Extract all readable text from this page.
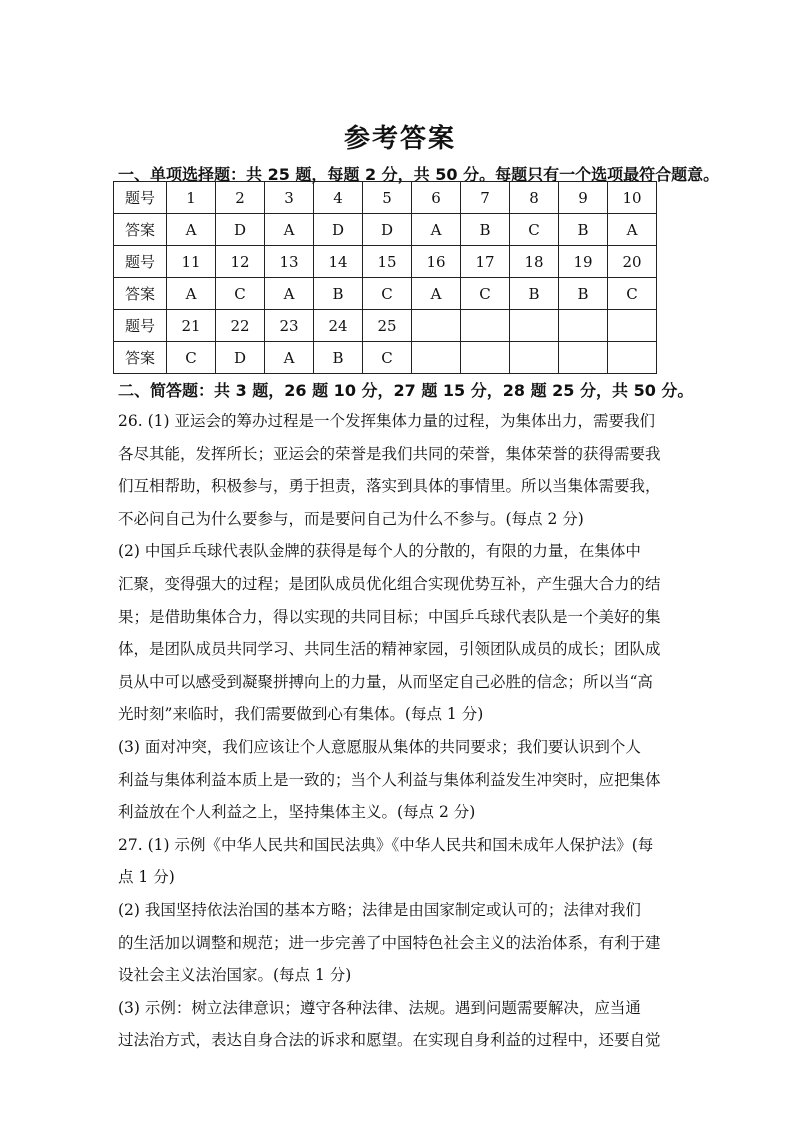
参考答案
一、单项选择题：共 25 题，每题 2 分，共 50 分。每题只有一个选项最符合题意。
题号	1	2	3	4	5	6	7	8	9	10
答案	A	D	A	D	D	A	B	C	B	A
题号	11	12	13	14	15	16	17	18	19	20
答案	A	C	A	B	C	A	C	B	B	C
题号	21	22	23	24	25					
答案	C	D	A	B	C					
二、简答题：共 3 题，26 题 10 分，27 题 15 分，28 题 25 分，共 50 分。
26. (1) 亚运会的筹办过程是一个发挥集体力量的过程，为集体出力，需要我们
各尽其能，发挥所长；亚运会的荣誉是我们共同的荣誉，集体荣誉的获得需要我
们互相帮助，积极参与，勇于担责，落实到具体的事情里。所以当集体需要我，
不必问自己为什么要参与，而是要问自己为什么不参与。(每点 2 分)
(2) 中国乒乓球代表队金牌的获得是每个人的分散的，有限的力量，在集体中
汇聚，变得强大的过程；是团队成员优化组合实现优势互补，产生强大合力的结
果；是借助集体合力，得以实现的共同目标；中国乒乓球代表队是一个美好的集
体，是团队成员共同学习、共同生活的精神家园，引领团队成员的成长；团队成
员从中可以感受到凝聚拼搏向上的力量，从而坚定自己必胜的信念；所以当“高
光时刻”来临时，我们需要做到心有集体。(每点 1 分)
(3) 面对冲突，我们应该让个人意愿服从集体的共同要求；我们要认识到个人
利益与集体利益本质上是一致的；当个人利益与集体利益发生冲突时，应把集体
利益放在个人利益之上，坚持集体主义。(每点 2 分)
27. (1) 示例《中华人民共和国民法典》《中华人民共和国未成年人保护法》(每
点 1 分)
(2) 我国坚持依法治国的基本方略；法律是由国家制定或认可的；法律对我们
的生活加以调整和规范；进一步完善了中国特色社会主义的法治体系，有利于建
设社会主义法治国家。(每点 1 分)
(3) 示例：树立法律意识；遵守各种法律、法规。遇到问题需要解决，应当通
过法治方式，表达自身合法的诉求和愿望。在实现自身利益的过程中，还要自觉
